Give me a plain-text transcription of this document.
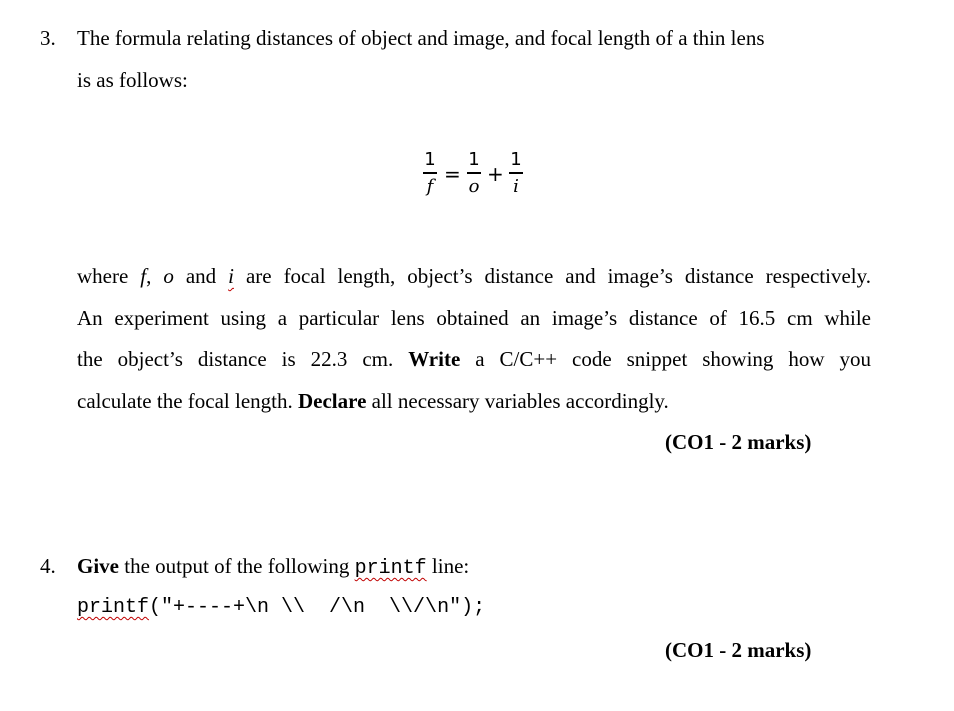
3. The formula relating distances of object and image, and focal length of a thin lens
is as follows:
1
f =
1
o +
1
i
where f, o and i are focal length, object’s distance and image’s distance respectively.
An experiment using a particular lens obtained an image’s distance of 16.5 cm while
the object’s distance is 22.3 cm. Write a C/C++ code snippet showing how you
calculate the focal length. Declare all necessary variables accordingly.
(CO1 - 2 marks)
4. Give the output of the following printf line:
printf("+----+\n \\  /\n  \\/\n");
(CO1 - 2 marks)
